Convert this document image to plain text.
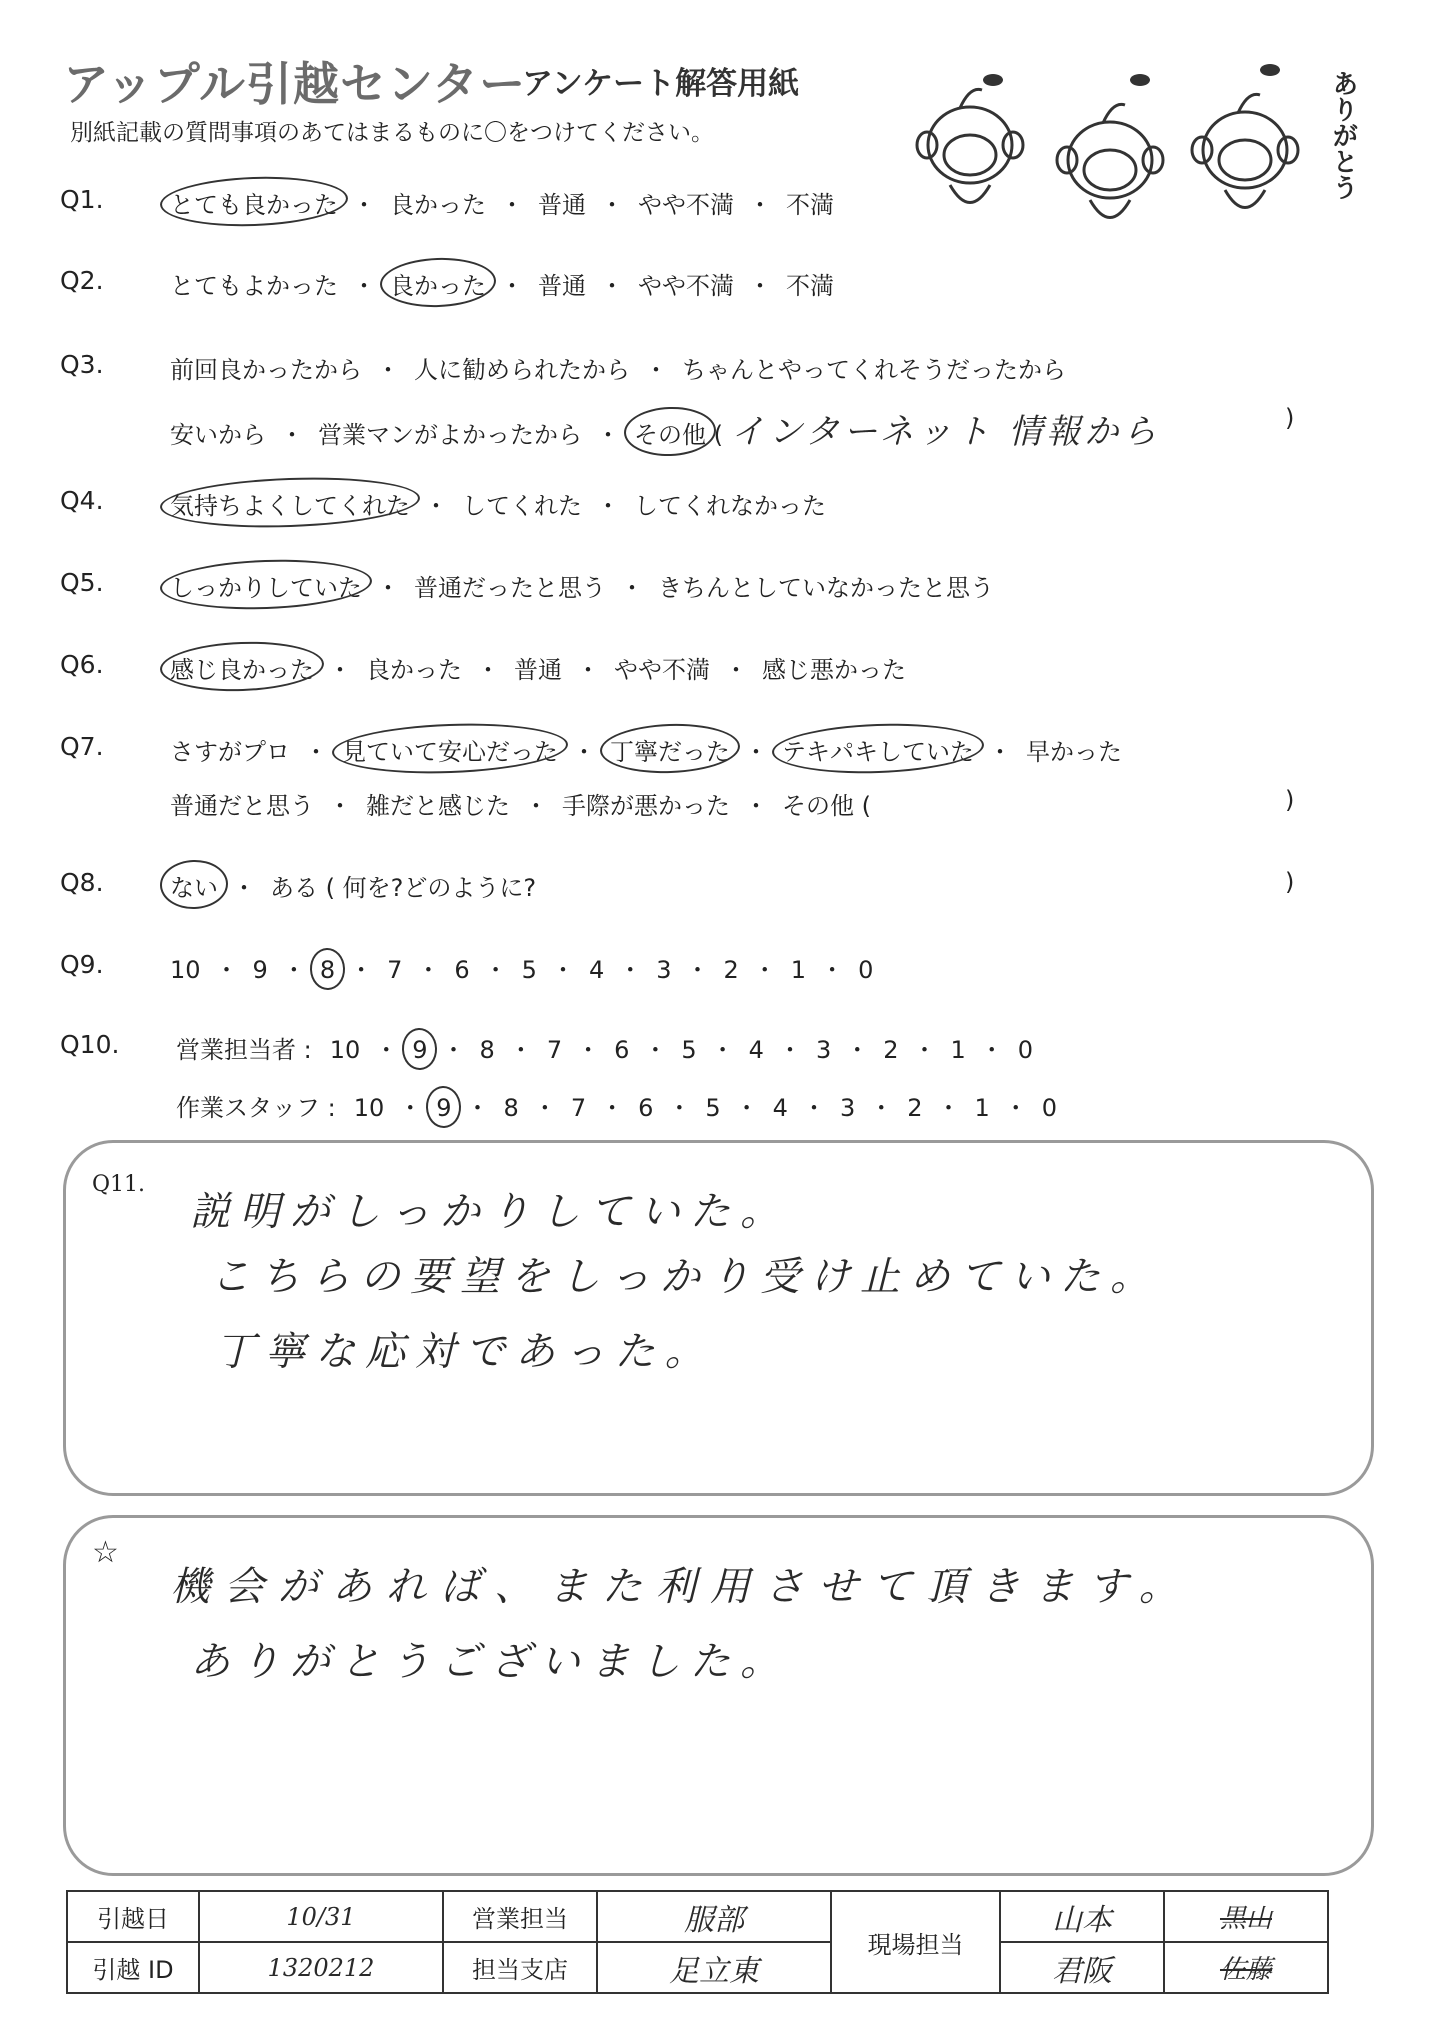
アップル引越センター
アンケート解答用紙
別紙記載の質問事項のあてはまるものに〇をつけてください。	ありがとう
Q1.	とても良かった ・ 良かった ・ 普通 ・ やや不満 ・ 不満
Q2.	とてもよかった ・ 良かった ・ 普通 ・ やや不満 ・ 不満
Q3.	前回良かったから ・ 人に勧められたから ・ ちゃんとやってくれそうだったから
安いから ・ 営業マンがよかったから ・ その他 ( インターネット 情報から	)
Q4.	気持ちよくしてくれた ・ してくれた ・ してくれなかった
Q5.	しっかりしていた ・ 普通だったと思う ・ きちんとしていなかったと思う
Q6.	感じ良かった ・ 良かった ・ 普通 ・ やや不満 ・ 感じ悪かった
Q7.	さすがプロ ・ 見ていて安心だった ・ 丁寧だった ・ テキパキしていた ・ 早かった
普通だと思う ・ 雑だと感じた ・ 手際が悪かった ・ その他 (	)
Q8.	ない ・ ある ( 何を?どのように?	)
Q9.	10 ・ 9 ・ 8 ・ 7 ・ 6 ・ 5 ・ 4 ・ 3 ・ 2 ・ 1 ・ 0
Q10. 営業担当者 : 10 ・ 9 ・ 8 ・ 7 ・ 6 ・ 5 ・ 4 ・ 3 ・ 2 ・ 1 ・ 0
作業スタッフ : 10 ・ 9 ・ 8 ・ 7 ・ 6 ・ 5 ・ 4 ・ 3 ・ 2 ・ 1 ・ 0
Q11.
説明がしっかりしていた。
こちらの要望をしっかり受け止めていた。
丁寧な応対であった。
☆
機会があれば、また利用させて頂きます。
ありがとうございました。
引越日	10/31	営業担当	服部	現場担当	山本	黒山
引越 ID	1320212	担当支店	足立東		君阪	佐藤
